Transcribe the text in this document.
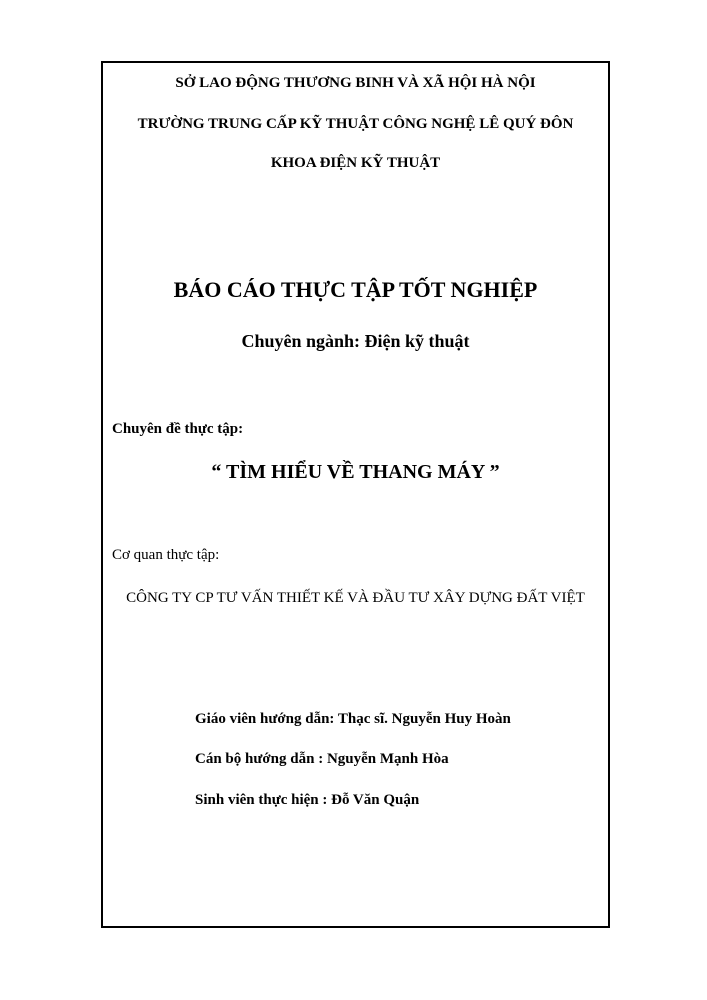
SỞ LAO ĐỘNG THƯƠNG BINH VÀ XÃ HỘI HÀ NỘI
TRƯỜNG TRUNG CẤP KỸ THUẬT CÔNG NGHỆ LÊ QUÝ ĐÔN
KHOA ĐIỆN KỸ THUẬT
BÁO CÁO THỰC TẬP TỐT NGHIỆP
Chuyên ngành: Điện kỹ thuật
Chuyên đề thực tập:
“ TÌM HIỂU VỀ THANG MÁY ”
Cơ quan thực tập:
CÔNG TY CP TƯ VẤN THIẾT KẾ VÀ ĐẦU TƯ XÂY DỰNG ĐẤT VIỆT
Giáo viên hướng dẫn: Thạc sĩ. Nguyễn Huy Hoàn
Cán bộ hướng dẫn : Nguyễn Mạnh Hòa
Sinh viên thực hiện : Đỗ Văn Quận
